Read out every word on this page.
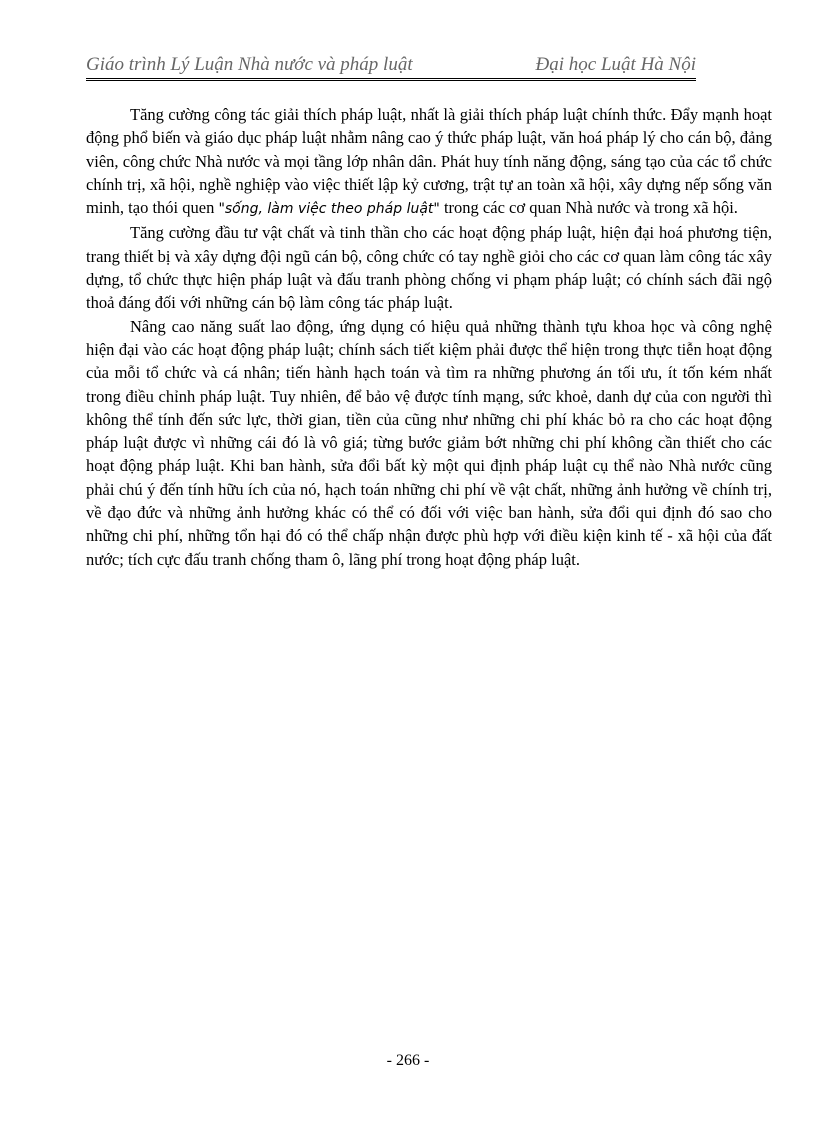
Giáo trình Lý Luận Nhà nước và pháp luật	Đại học Luật Hà Nội

Tăng cường công tác giải thích pháp luật, nhất là giải thích pháp luật chính thức. Đẩy mạnh hoạt động phổ biến và giáo dục pháp luật nhằm nâng cao ý thức pháp luật, văn hoá pháp lý cho cán bộ, đảng viên, công chức Nhà nước và mọi tầng lớp nhân dân. Phát huy tính năng động, sáng tạo của các tổ chức chính trị, xã hội, nghề nghiệp vào việc thiết lập kỷ cương, trật tự an toàn xã hội, xây dựng nếp sống văn minh, tạo thói quen "sống, làm việc theo pháp luật" trong các cơ quan Nhà nước và trong xã hội.

Tăng cường đầu tư vật chất và tinh thần cho các hoạt động pháp luật, hiện đại hoá phương tiện, trang thiết bị và xây dựng đội ngũ cán bộ, công chức có tay nghề giỏi cho các cơ quan làm công tác xây dựng, tổ chức thực hiện pháp luật và đấu tranh phòng chống vi phạm pháp luật; có chính sách đãi ngộ thoả đáng đối với những cán bộ làm công tác pháp luật.

Nâng cao năng suất lao động, ứng dụng có hiệu quả những thành tựu khoa học và công nghệ hiện đại vào các hoạt động pháp luật; chính sách tiết kiệm phải được thể hiện trong thực tiễn hoạt động của mỗi tổ chức và cá nhân; tiến hành hạch toán và tìm ra những phương án tối ưu, ít tốn kém nhất trong điều chỉnh pháp luật. Tuy nhiên, để bảo vệ được tính mạng, sức khoẻ, danh dự của con người thì không thể tính đến sức lực, thời gian, tiền của cũng như những chi phí khác bỏ ra cho các hoạt động pháp luật được vì những cái đó là vô giá; từng bước giảm bớt những chi phí không cần thiết cho các hoạt động pháp luật. Khi ban hành, sửa đổi bất kỳ một qui định pháp luật cụ thể nào Nhà nước cũng phải chú ý đến tính hữu ích của nó, hạch toán những chi phí về vật chất, những ảnh hưởng về chính trị, về đạo đức và những ảnh hưởng khác có thể có đối với việc ban hành, sửa đổi qui định đó sao cho những chi phí, những tổn hại đó có thể chấp nhận được phù hợp với điều kiện kinh tế - xã hội của đất nước; tích cực đấu tranh chống tham ô, lãng phí trong hoạt động pháp luật.

- 266 -
